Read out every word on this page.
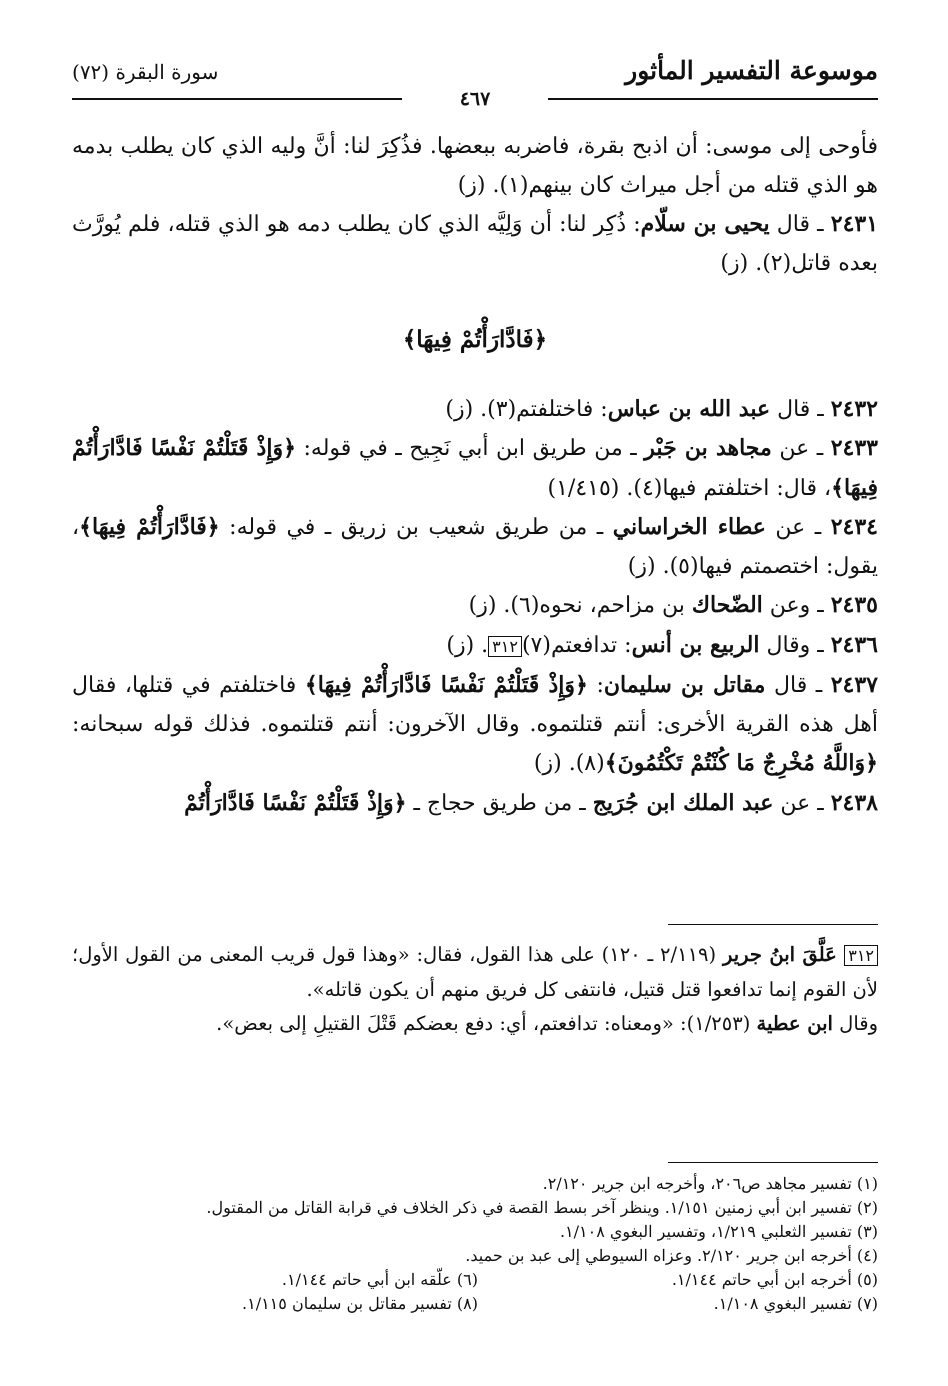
موسوعة التفسير المأثور
سورة البقرة (٧٢)
٤٦٧

فأوحى إلى موسى: أن اذبح بقرة، فاضربه ببعضها. فذُكِرَ لنا: أنَّ وليه الذي كان يطلب بدمه هو الذي قتله من أجل ميراث كان بينهم(١). (ز)

٢٤٣١ ـ قال يحيى بن سلّام: ذُكِر لنا: أن وَلِيَّه الذي كان يطلب دمه هو الذي قتله، فلم يُورَّث بعده قاتل(٢). (ز)

﴿فَادَّارَأْتُمْ فِيهَا﴾

٢٤٣٢ ـ قال عبد الله بن عباس: فاختلفتم(٣). (ز)

٢٤٣٣ ـ عن مجاهد بن جَبْر ـ من طريق ابن أبي نَجِيح ـ في قوله: ﴿وَإِذْ قَتَلْتُمْ نَفْسًا فَادَّارَأْتُمْ فِيهَا﴾، قال: اختلفتم فيها(٤). (١/٤١٥)

٢٤٣٤ ـ عن عطاء الخراساني ـ من طريق شعيب بن زريق ـ في قوله: ﴿فَادَّارَأْتُمْ فِيهَا﴾، يقول: اختصمتم فيها(٥). (ز)

٢٤٣٥ ـ وعن الضّحاك بن مزاحم، نحوه(٦). (ز)

٢٤٣٦ ـ وقال الربيع بن أنس: تدافعتم(٧)٣١٢. (ز)

٢٤٣٧ ـ قال مقاتل بن سليمان: ﴿وَإِذْ قَتَلْتُمْ نَفْسًا فَادَّارَأْتُمْ فِيهَا﴾ فاختلفتم في قتلها، فقال أهل هذه القرية الأخرى: أنتم قتلتموه. وقال الآخرون: أنتم قتلتموه. فذلك قوله سبحانه: ﴿وَاللَّهُ مُخْرِجٌ مَا كُنْتُمْ تَكْتُمُونَ﴾(٨). (ز)

٢٤٣٨ ـ عن عبد الملك ابن جُرَيج ـ من طريق حجاج ـ ﴿وَإِذْ قَتَلْتُمْ نَفْسًا فَادَّارَأْتُمْ

٣١٢ عَلَّقَ ابنُ جرير (٢/١١٩ ـ ١٢٠) على هذا القول، فقال: «وهذا قول قريب المعنى من القول الأول؛ لأن القوم إنما تدافعوا قتل قتيل، فانتفى كل فريق منهم أن يكون قاتله».

وقال ابن عطية (١/٢٥٣): «ومعناه: تدافعتم، أي: دفع بعضكم قَتْلَ القتيلِ إلى بعض».

(١) تفسير مجاهد ص٢٠٦، وأخرجه ابن جرير ٢/١٢٠.
(٢) تفسير ابن أبي زمنين ١/١٥١. وينظر آخر بسط القصة في ذكر الخلاف في قرابة القاتل من المقتول.
(٣) تفسير الثعلبي ١/٢١٩، وتفسير البغوي ١/١٠٨.
(٤) أخرجه ابن جرير ٢/١٢٠. وعزاه السيوطي إلى عبد بن حميد.
(٥) أخرجه ابن أبي حاتم ١/١٤٤.
(٦) علّقه ابن أبي حاتم ١/١٤٤.
(٧) تفسير البغوي ١/١٠٨.
(٨) تفسير مقاتل بن سليمان ١/١١٥.
